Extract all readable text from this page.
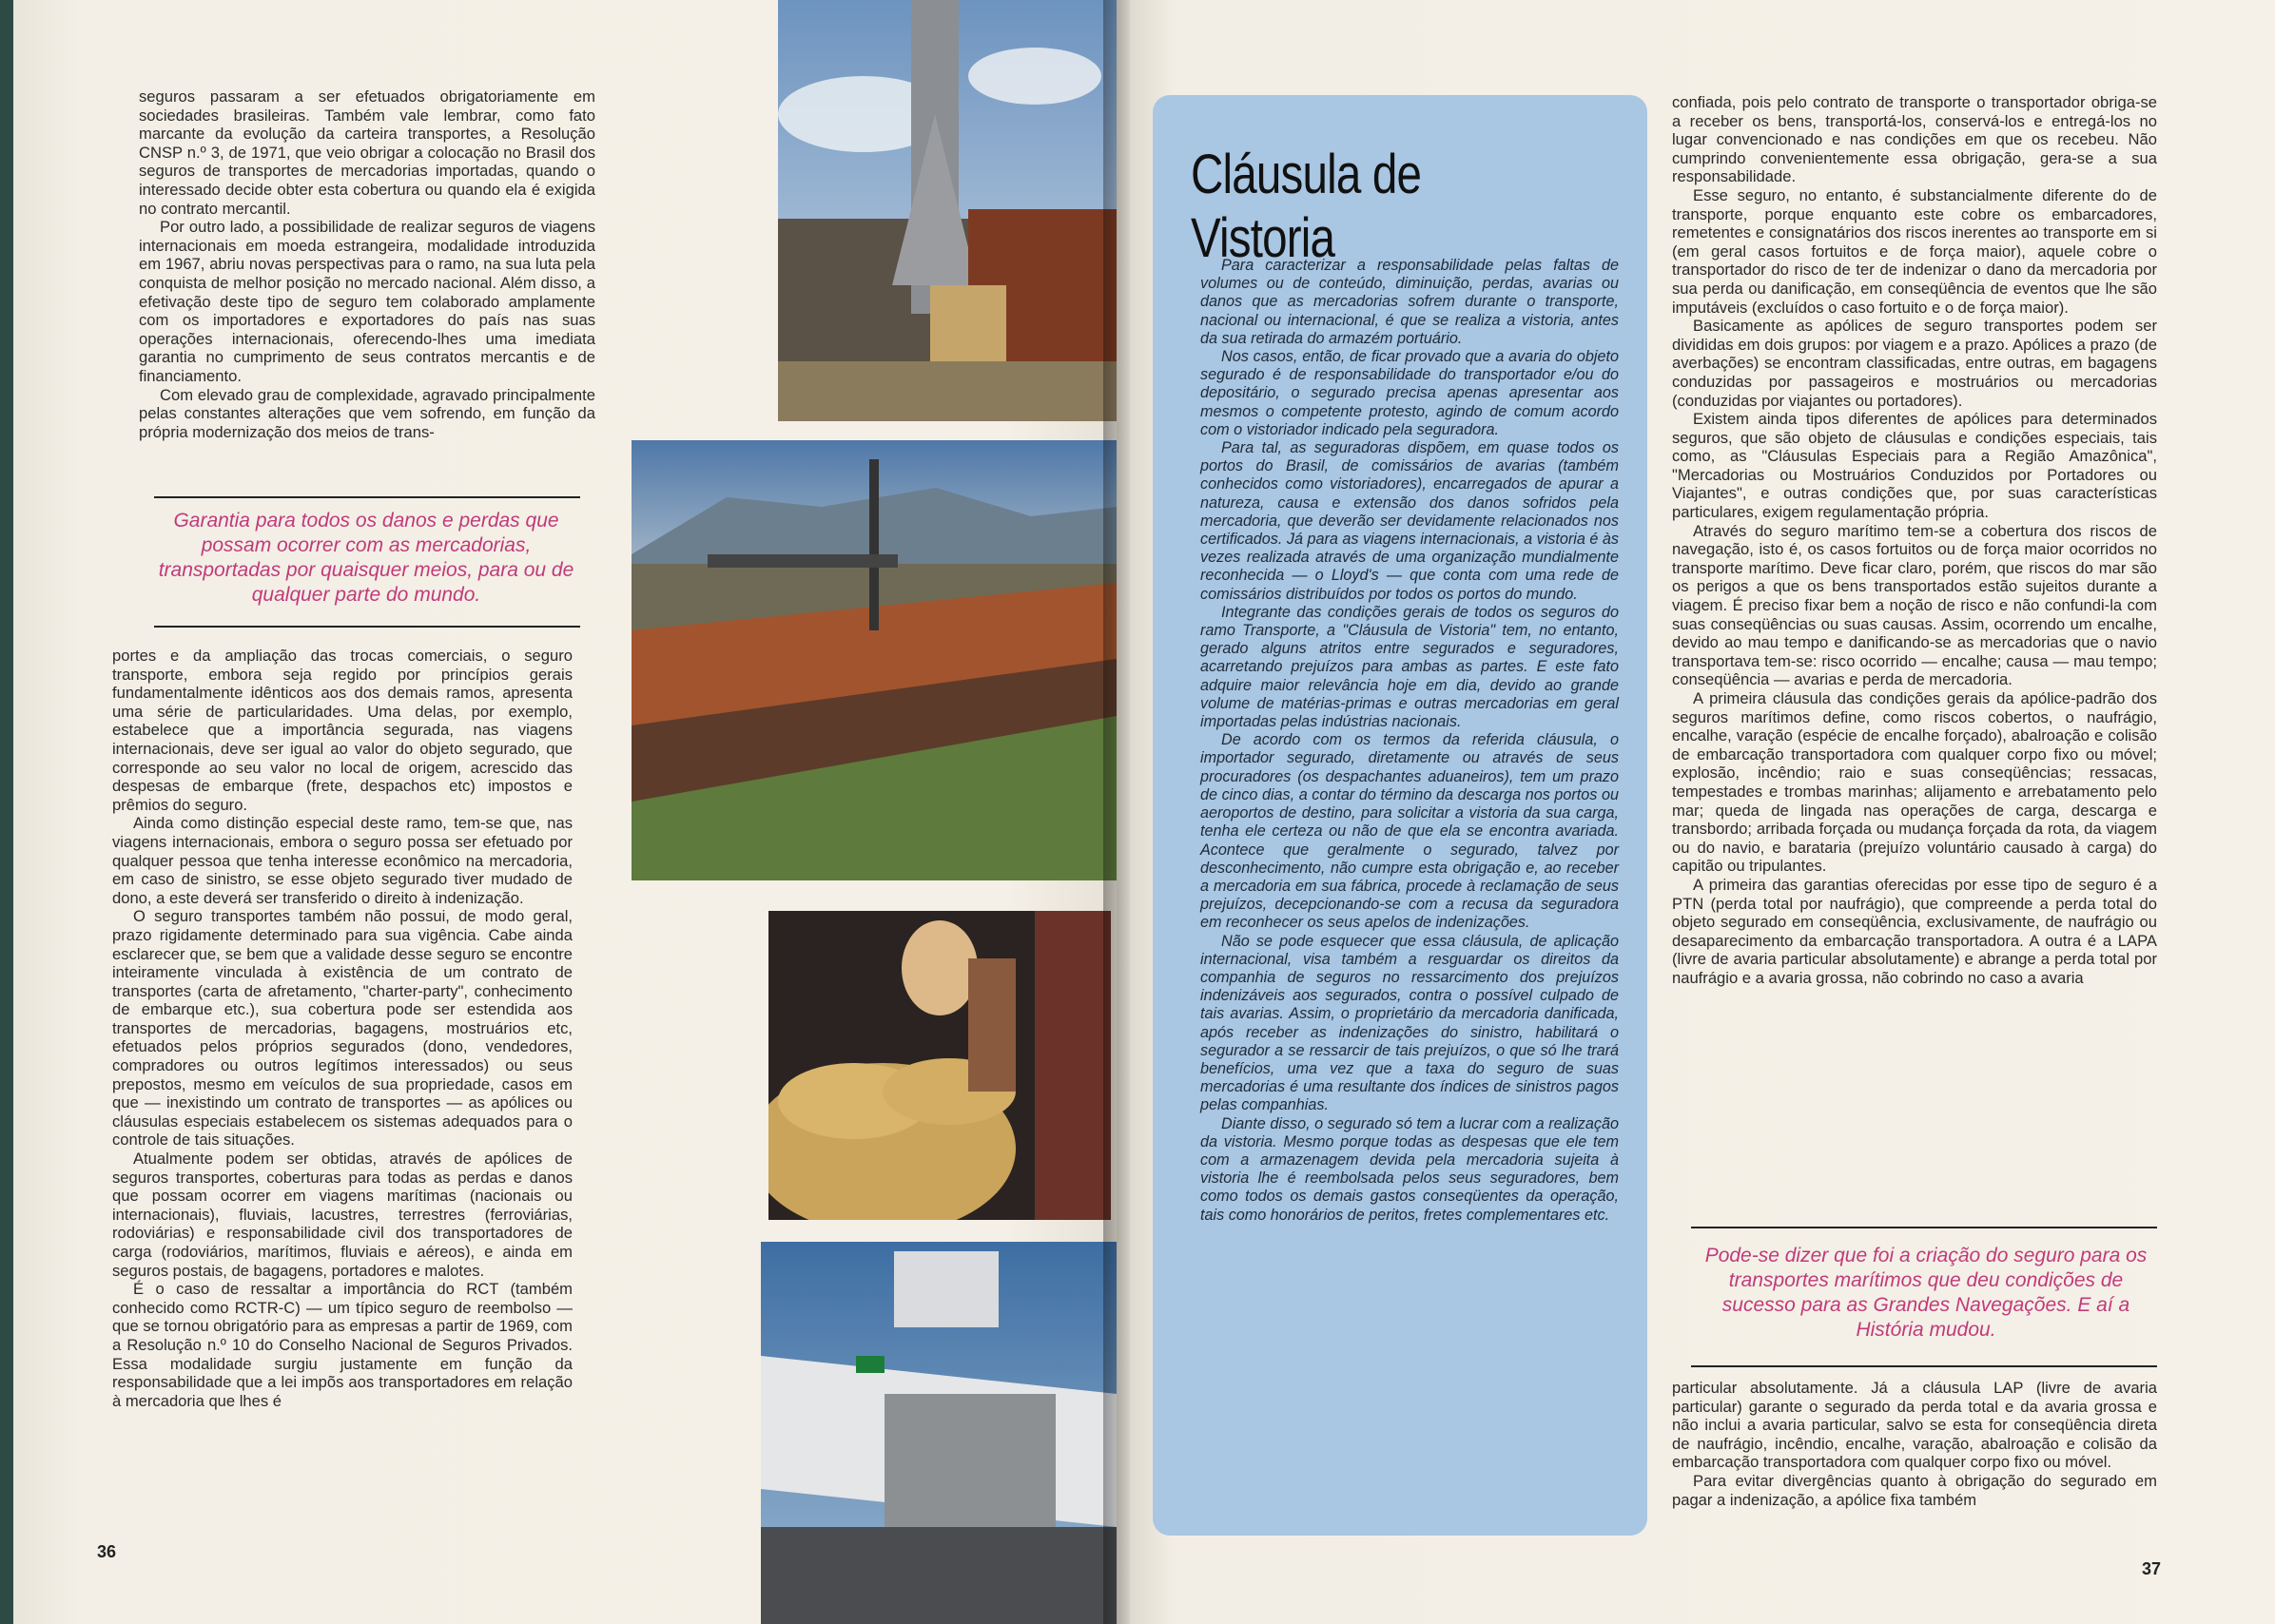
seguros passaram a ser efetuados obrigatoriamente em sociedades brasileiras. Também vale lembrar, como fato marcante da evolução da carteira transportes, a Resolução CNSP n.º 3, de 1971, que veio obrigar a colocação no Brasil dos seguros de transportes de mercadorias importadas, quando o interessado decide obter esta cobertura ou quando ela é exigida no contrato mercantil.

Por outro lado, a possibilidade de realizar seguros de viagens internacionais em moeda estrangeira, modalidade introduzida em 1967, abriu novas perspectivas para o ramo, na sua luta pela conquista de melhor posição no mercado nacional. Além disso, a efetivação deste tipo de seguro tem colaborado amplamente com os importadores e exportadores do país nas suas operações internacionais, oferecendo-lhes uma imediata garantia no cumprimento de seus contratos mercantis e de financiamento.

Com elevado grau de complexidade, agravado principalmente pelas constantes alterações que vem sofrendo, em função da própria modernização dos meios de trans-

Garantia para todos os danos e perdas que possam ocorrer com as mercadorias, transportadas por quaisquer meios, para ou de qualquer parte do mundo.

portes e da ampliação das trocas comerciais, o seguro transporte, embora seja regido por princípios gerais fundamentalmente idênticos aos dos demais ramos, apresenta uma série de particularidades. Uma delas, por exemplo, estabelece que a importância segurada, nas viagens internacionais, deve ser igual ao valor do objeto segurado, que corresponde ao seu valor no local de origem, acrescido das despesas de embarque (frete, despachos etc) impostos e prêmios do seguro.

Ainda como distinção especial deste ramo, tem-se que, nas viagens internacionais, embora o seguro possa ser efetuado por qualquer pessoa que tenha interesse econômico na mercadoria, em caso de sinistro, se esse objeto segurado tiver mudado de dono, a este deverá ser transferido o direito à indenização.

O seguro transportes também não possui, de modo geral, prazo rigidamente determinado para sua vigência. Cabe ainda esclarecer que, se bem que a validade desse seguro se encontre inteiramente vinculada à existência de um contrato de transportes (carta de afretamento, "charter-party", conhecimento de embarque etc.), sua cobertura pode ser estendida aos transportes de mercadorias, bagagens, mostruários etc, efetuados pelos próprios segurados (dono, vendedores, compradores ou outros legítimos interessados) ou seus prepostos, mesmo em veículos de sua propriedade, casos em que — inexistindo um contrato de transportes — as apólices ou cláusulas especiais estabelecem os sistemas adequados para o controle de tais situações.

Atualmente podem ser obtidas, através de apólices de seguros transportes, coberturas para todas as perdas e danos que possam ocorrer em viagens marítimas (nacionais ou internacionais), fluviais, lacustres, terrestres (ferroviárias, rodoviárias) e responsabilidade civil dos transportadores de carga (rodoviários, marítimos, fluviais e aéreos), e ainda em seguros postais, de bagagens, portadores e malotes.

É o caso de ressaltar a importância do RCT (também conhecido como RCTR-C) — um típico seguro de reembolso — que se tornou obrigatório para as empresas a partir de 1969, com a Resolução n.º 10 do Conselho Nacional de Seguros Privados. Essa modalidade surgiu justamente em função da responsabilidade que a lei impõs aos transportadores em relação à mercadoria que lhes é

36
Cláusula de Vistoria

Para caracterizar a responsabilidade pelas faltas de volumes ou de conteúdo, diminuição, perdas, avarias ou danos que as mercadorias sofrem durante o transporte, nacional ou internacional, é que se realiza a vistoria, antes da sua retirada do armazém portuário.

Nos casos, então, de ficar provado que a avaria do objeto segurado é de responsabilidade do transportador e/ou do depositário, o segurado precisa apenas apresentar aos mesmos o competente protesto, agindo de comum acordo com o vistoriador indicado pela seguradora.

Para tal, as seguradoras dispõem, em quase todos os portos do Brasil, de comissários de avarias (também conhecidos como vistoriadores), encarregados de apurar a natureza, causa e extensão dos danos sofridos pela mercadoria, que deverão ser devidamente relacionados nos certificados. Já para as viagens internacionais, a vistoria é às vezes realizada através de uma organização mundialmente reconhecida — o Lloyd's — que conta com uma rede de comissários distribuídos por todos os portos do mundo.

Integrante das condições gerais de todos os seguros do ramo Transporte, a "Cláusula de Vistoria" tem, no entanto, gerado alguns atritos entre segurados e seguradores, acarretando prejuízos para ambas as partes. E este fato adquire maior relevância hoje em dia, devido ao grande volume de matérias-primas e outras mercadorias em geral importadas pelas indústrias nacionais.

De acordo com os termos da referida cláusula, o importador segurado, diretamente ou através de seus procuradores (os despachantes aduaneiros), tem um prazo de cinco dias, a contar do término da descarga nos portos ou aeroportos de destino, para solicitar a vistoria da sua carga, tenha ele certeza ou não de que ela se encontra avariada. Acontece que geralmente o segurado, talvez por desconhecimento, não cumpre esta obrigação e, ao receber a mercadoria em sua fábrica, procede à reclamação de seus prejuízos, decepcionando-se com a recusa da seguradora em reconhecer os seus apelos de indenizações.

Não se pode esquecer que essa cláusula, de aplicação internacional, visa também a resguardar os direitos da companhia de seguros no ressarcimento dos prejuízos indenizáveis aos segurados, contra o possível culpado de tais avarias. Assim, o proprietário da mercadoria danificada, após receber as indenizações do sinistro, habilitará o segurador a se ressarcir de tais prejuízos, o que só lhe trará benefícios, uma vez que a taxa do seguro de suas mercadorias é uma resultante dos índices de sinistros pagos pelas companhias.

Diante disso, o segurado só tem a lucrar com a realização da vistoria. Mesmo porque todas as despesas que ele tem com a armazenagem devida pela mercadoria sujeita à vistoria lhe é reembolsada pelos seus seguradores, bem como todos os demais gastos conseqüentes da operação, tais como honorários de peritos, fretes complementares etc.

confiada, pois pelo contrato de transporte o transportador obriga-se a receber os bens, transportá-los, conservá-los e entregá-los no lugar convencionado e nas condições em que os recebeu. Não cumprindo convenientemente essa obrigação, gera-se a sua responsabilidade.

Esse seguro, no entanto, é substancialmente diferente do de transporte, porque enquanto este cobre os embarcadores, remetentes e consignatários dos riscos inerentes ao transporte em si (em geral casos fortuitos e de força maior), aquele cobre o transportador do risco de ter de indenizar o dano da mercadoria por sua perda ou danificação, em conseqüência de eventos que lhe são imputáveis (excluídos o caso fortuito e o de força maior).

Basicamente as apólices de seguro transportes podem ser divididas em dois grupos: por viagem e a prazo. Apólices a prazo (de averbações) se encontram classificadas, entre outras, em bagagens conduzidas por passageiros e mostruários ou mercadorias (conduzidas por viajantes ou portadores).

Existem ainda tipos diferentes de apólices para determinados seguros, que são objeto de cláusulas e condições especiais, tais como, as "Cláusulas Especiais para a Região Amazônica", "Mercadorias ou Mostruários Conduzidos por Portadores ou Viajantes", e outras condições que, por suas características particulares, exigem regulamentação própria.

Através do seguro marítimo tem-se a cobertura dos riscos de navegação, isto é, os casos fortuitos ou de força maior ocorridos no transporte marítimo. Deve ficar claro, porém, que riscos do mar são os perigos a que os bens transportados estão sujeitos durante a viagem. É preciso fixar bem a noção de risco e não confundi-la com suas conseqüências ou suas causas. Assim, ocorrendo um encalhe, devido ao mau tempo e danificando-se as mercadorias que o navio transportava tem-se: risco ocorrido — encalhe; causa — mau tempo; conseqüência — avarias e perda de mercadoria.

A primeira cláusula das condições gerais da apólice-padrão dos seguros marítimos define, como riscos cobertos, o naufrágio, encalhe, varação (espécie de encalhe forçado), abalroação e colisão de embarcação transportadora com qualquer corpo fixo ou móvel; explosão, incêndio; raio e suas conseqüências; ressacas, tempestades e trombas marinhas; alijamento e arrebatamento pelo mar; queda de lingada nas operações de carga, descarga e transbordo; arribada forçada ou mudança forçada da rota, da viagem ou do navio, e barataria (prejuízo voluntário causado à carga) do capitão ou tripulantes.

A primeira das garantias oferecidas por esse tipo de seguro é a PTN (perda total por naufrágio), que compreende a perda total do objeto segurado em conseqüência, exclusivamente, de naufrágio ou desaparecimento da embarcação transportadora. A outra é a LAPA (livre de avaria particular absolutamente) e abrange a perda total por naufrágio e a avaria grossa, não cobrindo no caso a avaria

Pode-se dizer que foi a criação do seguro para os transportes marítimos que deu condições de sucesso para as Grandes Navegações. E aí a História mudou.

particular absolutamente. Já a cláusula LAP (livre de avaria particular) garante o segurado da perda total e da avaria grossa e não inclui a avaria particular, salvo se esta for conseqüência direta de naufrágio, incêndio, encalhe, varação, abalroação e colisão da embarcação transportadora com qualquer corpo fixo ou móvel.

Para evitar divergências quanto à obrigação do segurado em pagar a indenização, a apólice fixa também

37
